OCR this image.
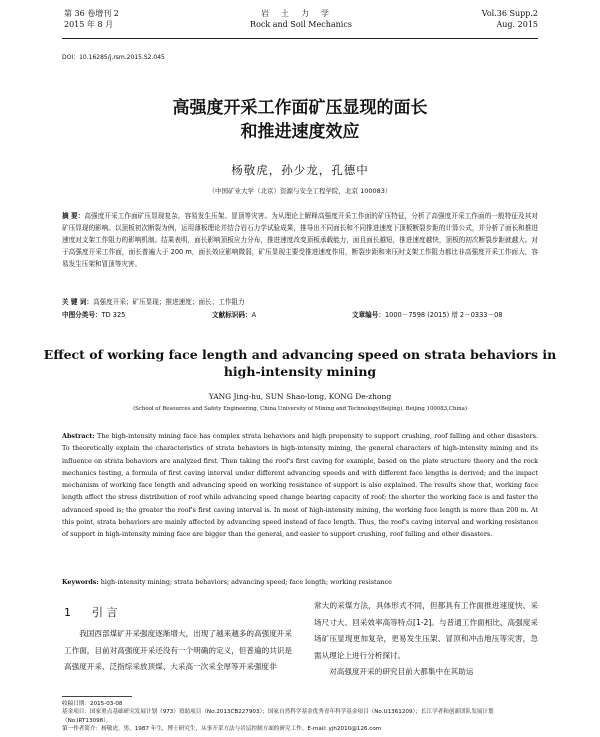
第 36 卷增刊 2
2015 年 8 月
岩土力学
Rock and Soil Mechanics
Vol.36 Supp.2
Aug. 2015
DOI：10.16285/j.rsm.2015.S2.045
高强度开采工作面矿压显现的面长
和推进速度效应
杨敬虎，孙少龙，孔德中
（中国矿业大学（北京）资源与安全工程学院，北京 100083）
摘 要：高强度开采工作面矿压显现复杂，容易发生压架、冒顶等灾害。为从理论上解释高强度开采工作面的矿压特征，分析了高强度开采工作面的一般特征及其对矿压显现的影响。以顶板初次断裂为例，运用薄板理论并结合岩石力学试验成果，推导出不同面长和不同推进速度下顶板断裂步距的计算公式，并分析了面长和推进速度对支架工作阻力的影响机制。结果表明，面长影响顶板应力分布，推进速度改变顶板承载能力，面且面长越短，推进速度越快，顶板的初次断裂步距就越大。对于高强度开采工作面，面长普遍大于 200 m，面长效应影响微弱，矿压显现主要受推进速度作用，断裂步距和来压时支架工作阻力都比非高强度开采工作面大，容易发生压架和冒顶等灾害。
关 键 词：高强度开采；矿压显现；推进速度；面长；工作阻力
中图分类号：TD 325	文献标识码：A	文章编号：1000－7598 (2015) 增 2－0333－08
Effect of working face length and advancing speed on strata behaviors in
high-intensity mining
YANG Jing-hu, SUN Shao-long, KONG De-zhong
(School of Resources and Safety Engineering, China University of Mining and Technology(Beijing), Beijing 100083,China)
Abstract: The high-intensity mining face has complex strata behaviors and high propensity to support crushing, roof falling and other disasters. To theoretically explain the characteristics of strata behaviors in high-intensity mining, the general characters of high-intensity mining and its influence on strata behaviors are analyzed first. Then taking the roof's first caving for example, based on the plate structure theory and the rock mechanics testing, a formula of first caving interval under different advancing speeds and with different face lengths is derived; and the impact mechanism of working face length and advancing speed on working resistance of support is also explained. The results show that, working face length affect the stress distribution of roof while advancing speed change bearing capacity of roof; the shorter the working face is and faster the advanced speed is; the greater the roof's first caving interval is. In most of high-intensity mining, the working face length is more than 200 m. At this point, strata behaviors are mainly affected by advancing speed instead of face length. Thus, the roof's caving interval and working resistance of support in high-intensity mining face are bigger than the general, and easier to support crushing, roof falling and other disasters.
Keywords: high-intensity mining; strata behaviors; advancing speed; face length; working resistance
1 引 言
我国西部煤矿开采强度逐渐增大，出现了越来越多的高强度开采工作面，目前对高强度开采还没有一个明确的定义，但普遍的共识是高强度开采、泛指综采放顶煤、大采高一次采全厚等开采强度非
常大的采煤方法，具体形式不同，但都具有工作面推进速度快、采场尺寸大、回采效率高等特点[1-2]。与普通工作面相比，高强度采场矿压显现更加复杂，更易发生压架、冒顶和冲击地压等灾害，急需从理论上进行分析探讨。
对高强度开采的研究目前大都集中在其助运
收稿日期：2015-03-08
基金项目：国家重点基础研究发展计划（973）资助项目（No.2013CB227903）；国家自然科学基金优秀青年科学基金项目（No.U1361209）；长江学者和创新团队发展计划（No.IRT13098）。
第一作者简介：杨敬虎，男，1987 年生，博士研究生，从事开采方法与岩层控制方面的研究工作。E-mail: yjh2010@126.com
